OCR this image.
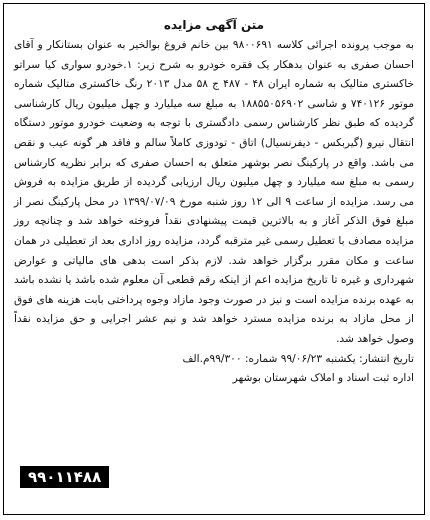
متن آگهی مزایده

به موجب پرونده اجرائی کلاسه ۹۸۰۰۶۹۱ بین خانم فروغ بوالخیر به عنوان بستانکار و آقای احسان صفری به عنوان بدهکار یک فقره خودرو به شرح زیر: ۱.خودرو سواری کیا سراتو خاکستری متالیک به شماره ایران ۴۸ - ۴۸۷ ج ۵۸ مدل ۲۰۱۳ رنگ خاکستری متالیک شماره موتور ۷۴۰۱۲۶ و شاسی ۱۸۸۵۵۰۵۶۹۰۲ به مبلغ سه میلیارد و چهل میلیون ریال کارشناسی گردیده که طبق نظر کارشناس رسمی دادگستری با توجه به وضعیت خودرو موتور دستگاه انتقال نیرو (گیربکس - دیفرنسیال) اتاق - تودوزی کاملاً سالم و فاقد هر گونه عیب و نقص می باشد. واقع در پارکینگ نصر بوشهر متعلق به احسان صفری که برابر نظریه کارشناس رسمی به مبلغ سه میلیارد و چهل میلیون ریال ارزیابی گردیده از طریق مزایده به فروش می رسد. مزایده از ساعت ۹ الی ۱۲ روز شنبه مورخ ۱۳۹۹/۰۷/۰۹ در محل پارکینگ نصر از مبلغ فوق الذکر آغاز و به بالاترین قیمت پیشنهادی نقداً فروخته خواهد شد و چنانچه روز مزایده مصادف با تعطیل رسمی غیر مترقبه گردد، مزایده روز اداری بعد از تعطیلی در همان ساعت و مکان مقرر برگزار خواهد شد. لازم بذکر است بدهی های مالیاتی و عوارض شهرداری و غیره تا تاریخ مزایده اعم از اینکه رقم قطعی آن معلوم شده باشد یا نشده باشد به عهده برنده مزایده است و نیز در صورت وجود مازاد وجوه پرداختی بابت هزینه های فوق از محل مازاد به برنده مزایده مسترد خواهد شد و نیم عشر اجرایی و حق مزایده نقداً وصول خواهد شد.

تاریخ انتشار: یکشنبه ۹۹/۰۶/۲۳ شماره: ۹۹/۳۰۰م.الف
اداره ثبت اسناد و املاک شهرستان بوشهر
۹۹۰۱۱۴۸۸
